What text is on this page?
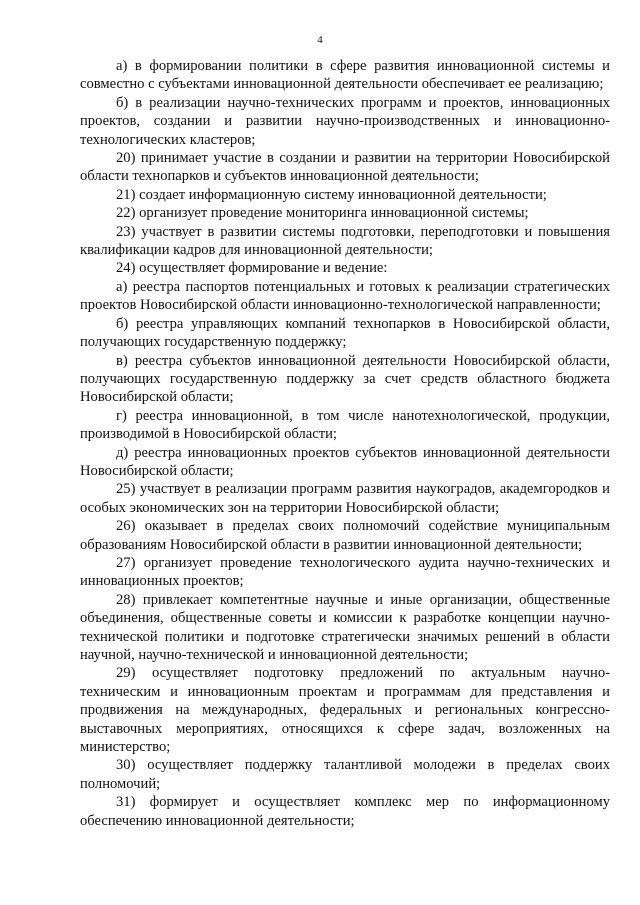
4

а) в формировании политики в сфере развития инновационной системы и совместно с субъектами инновационной деятельности обеспечивает ее реализацию;

б) в реализации научно-технических программ и проектов, инновационных проектов, создании и развитии научно-производственных и инновационно-технологических кластеров;

20) принимает участие в создании и развитии на территории Новосибирской области технопарков и субъектов инновационной деятельности;

21) создает информационную систему инновационной деятельности;

22) организует проведение мониторинга инновационной системы;

23) участвует в развитии системы подготовки, переподготовки и повышения квалификации кадров для инновационной деятельности;

24) осуществляет формирование и ведение:

а) реестра паспортов потенциальных и готовых к реализации стратегических проектов Новосибирской области инновационно-технологической направленности;

б) реестра управляющих компаний технопарков в Новосибирской области, получающих государственную поддержку;

в) реестра субъектов инновационной деятельности Новосибирской области, получающих государственную поддержку за счет средств областного бюджета Новосибирской области;

г) реестра инновационной, в том числе нанотехнологической, продукции, производимой в Новосибирской области;

д) реестра инновационных проектов субъектов инновационной деятельности Новосибирской области;

25) участвует в реализации программ развития наукоградов, академгородков и особых экономических зон на территории Новосибирской области;

26) оказывает в пределах своих полномочий содействие муниципальным образованиям Новосибирской области в развитии инновационной деятельности;

27) организует проведение технологического аудита научно-технических и инновационных проектов;

28) привлекает компетентные научные и иные организации, общественные объединения, общественные советы и комиссии к разработке концепции научно-технической политики и подготовке стратегически значимых решений в области научной, научно-технической и инновационной деятельности;

29) осуществляет подготовку предложений по актуальным научно-техническим и инновационным проектам и программам для представления и продвижения на международных, федеральных и региональных конгрессно-выставочных мероприятиях, относящихся к сфере задач, возложенных на министерство;

30) осуществляет поддержку талантливой молодежи в пределах своих полномочий;

31) формирует и осуществляет комплекс мер по информационному обеспечению инновационной деятельности;
